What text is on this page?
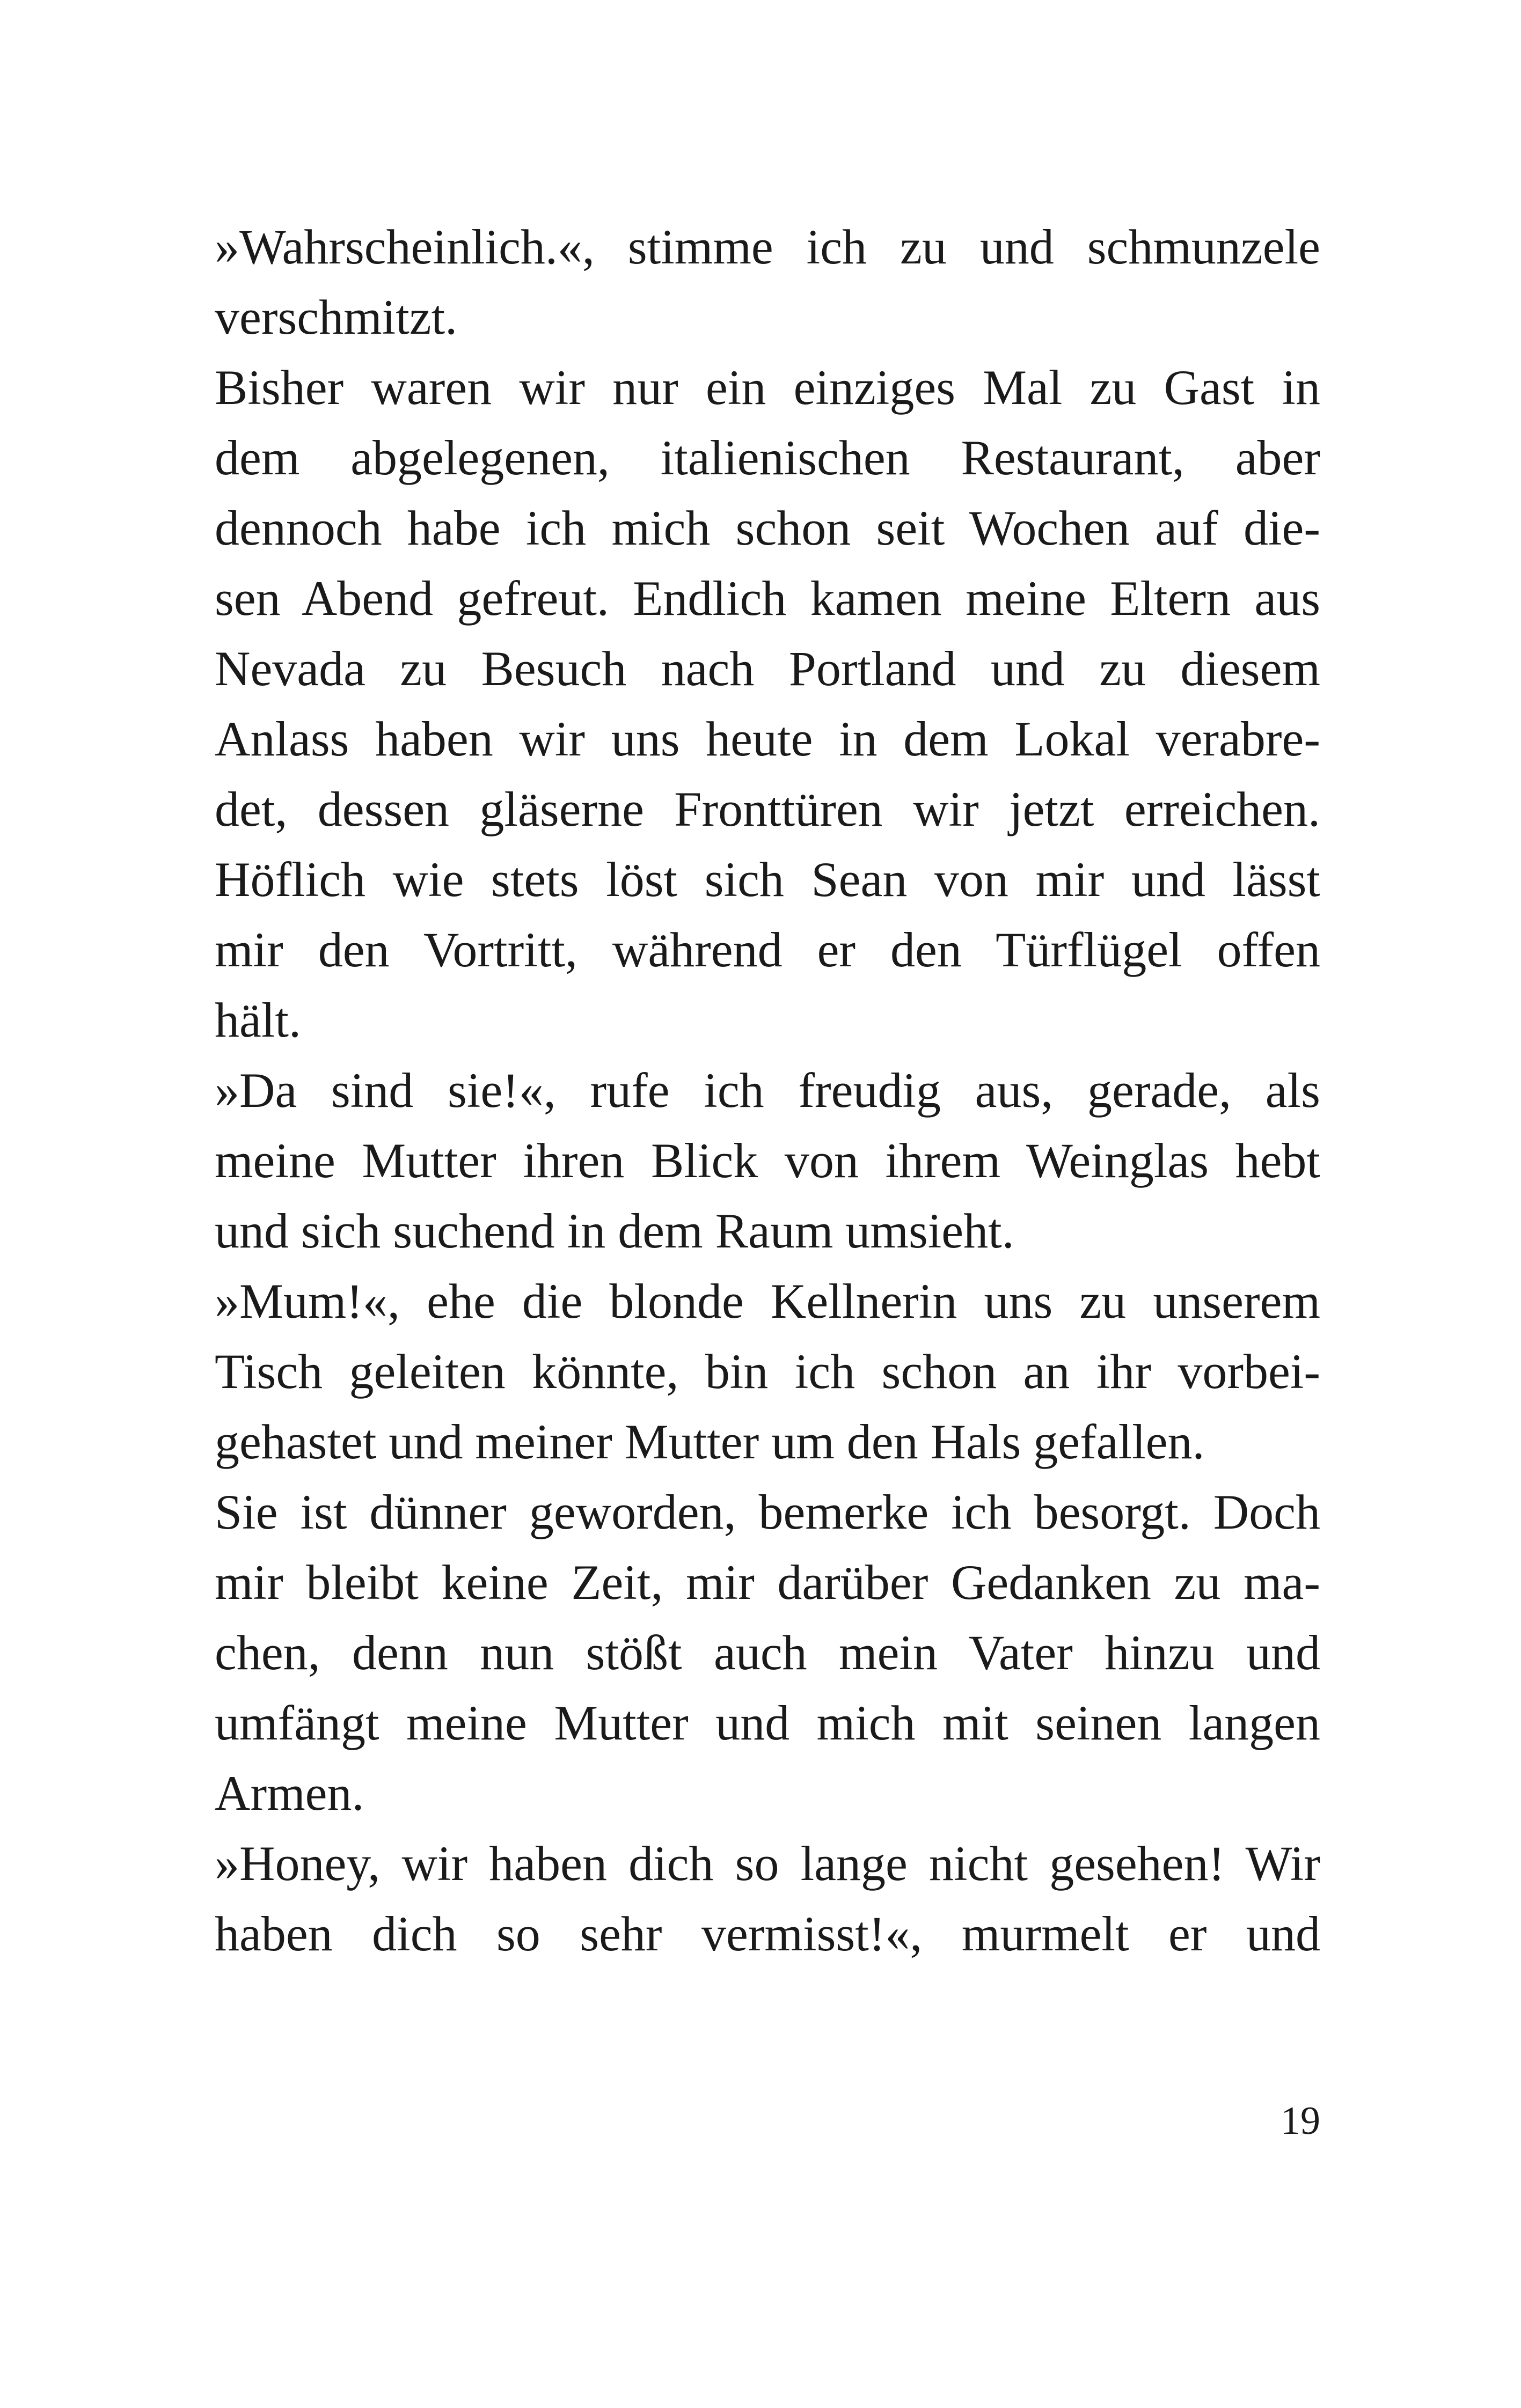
»Wahrscheinlich.«, stimme ich zu und schmunzele
verschmitzt.
Bisher waren wir nur ein einziges Mal zu Gast in
dem abgelegenen, italienischen Restaurant, aber
dennoch habe ich mich schon seit Wochen auf die-
sen Abend gefreut. Endlich kamen meine Eltern aus
Nevada zu Besuch nach Portland und zu diesem
Anlass haben wir uns heute in dem Lokal verabre-
det, dessen gläserne Fronttüren wir jetzt erreichen.
Höflich wie stets löst sich Sean von mir und lässt
mir den Vortritt, während er den Türflügel offen
hält.
»Da sind sie!«, rufe ich freudig aus, gerade, als
meine Mutter ihren Blick von ihrem Weinglas hebt
und sich suchend in dem Raum umsieht.
»Mum!«, ehe die blonde Kellnerin uns zu unserem
Tisch geleiten könnte, bin ich schon an ihr vorbei-
gehastet und meiner Mutter um den Hals gefallen.
Sie ist dünner geworden, bemerke ich besorgt. Doch
mir bleibt keine Zeit, mir darüber Gedanken zu ma-
chen, denn nun stößt auch mein Vater hinzu und
umfängt meine Mutter und mich mit seinen langen
Armen.
»Honey, wir haben dich so lange nicht gesehen! Wir
haben dich so sehr vermisst!«, murmelt er und
19
